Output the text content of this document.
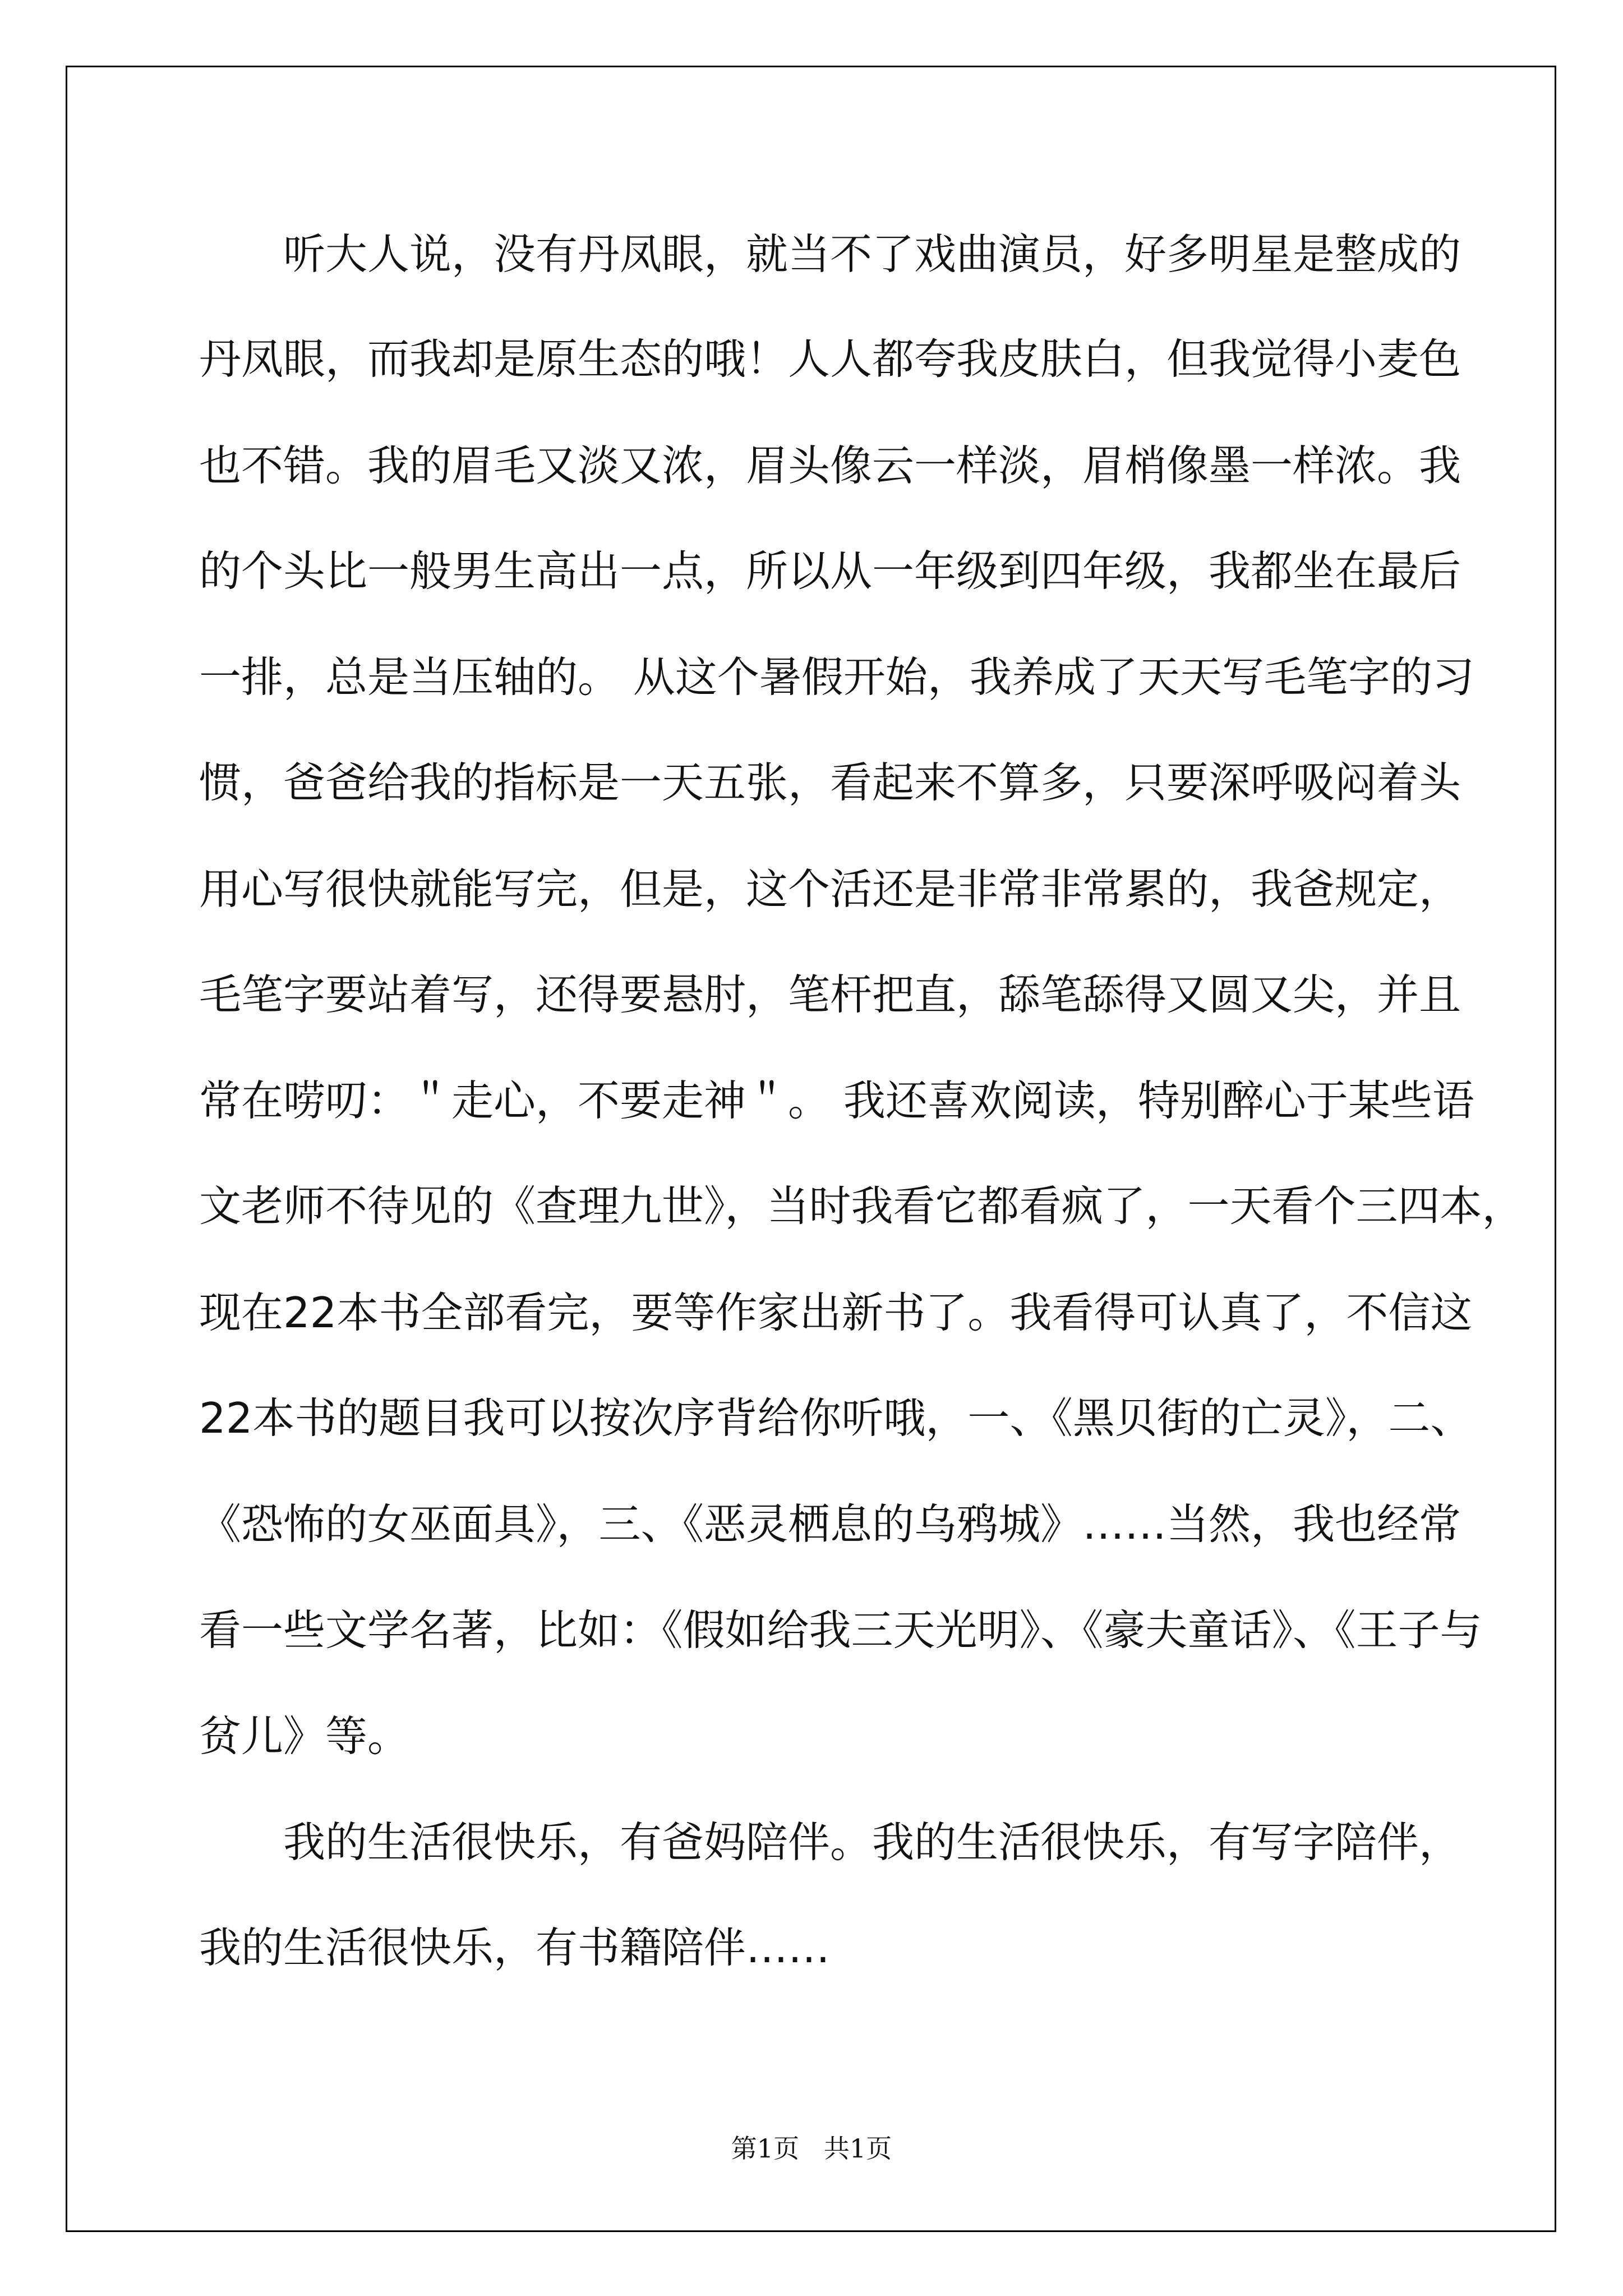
听大人说，没有丹凤眼，就当不了戏曲演员，好多明星是整成的

丹凤眼，而我却是原生态的哦！人人都夸我皮肤白，但我觉得小麦色

也不错。我的眉毛又淡又浓，眉头像云一样淡，眉梢像墨一样浓。我

的个头比一般男生高出一点，所以从一年级到四年级，我都坐在最后

一排，总是当压轴的。 从这个暑假开始，我养成了天天写毛笔字的习

惯，爸爸给我的指标是一天五张，看起来不算多，只要深呼吸闷着头

用心写很快就能写完，但是，这个活还是非常非常累的，我爸规定，

毛笔字要站着写，还得要悬肘，笔杆把直，舔笔舔得又圆又尖，并且

常在唠叨：＂走心，不要走神＂。 我还喜欢阅读，特别醉心于某些语

文老师不待见的《查理九世》，当时我看它都看疯了，一天看个三四本，

现在22本书全部看完，要等作家出新书了。我看得可认真了，不信这

22本书的题目我可以按次序背给你听哦，一、《黑贝街的亡灵》，二、

《恐怖的女巫面具》，三、《恶灵栖息的乌鸦城》……当然，我也经常

看一些文学名著，比如：《假如给我三天光明》、《豪夫童话》、《王子与

贫儿》等。

我的生活很快乐，有爸妈陪伴。我的生活很快乐，有写字陪伴，

我的生活很快乐，有书籍陪伴……

第1页   共1页
